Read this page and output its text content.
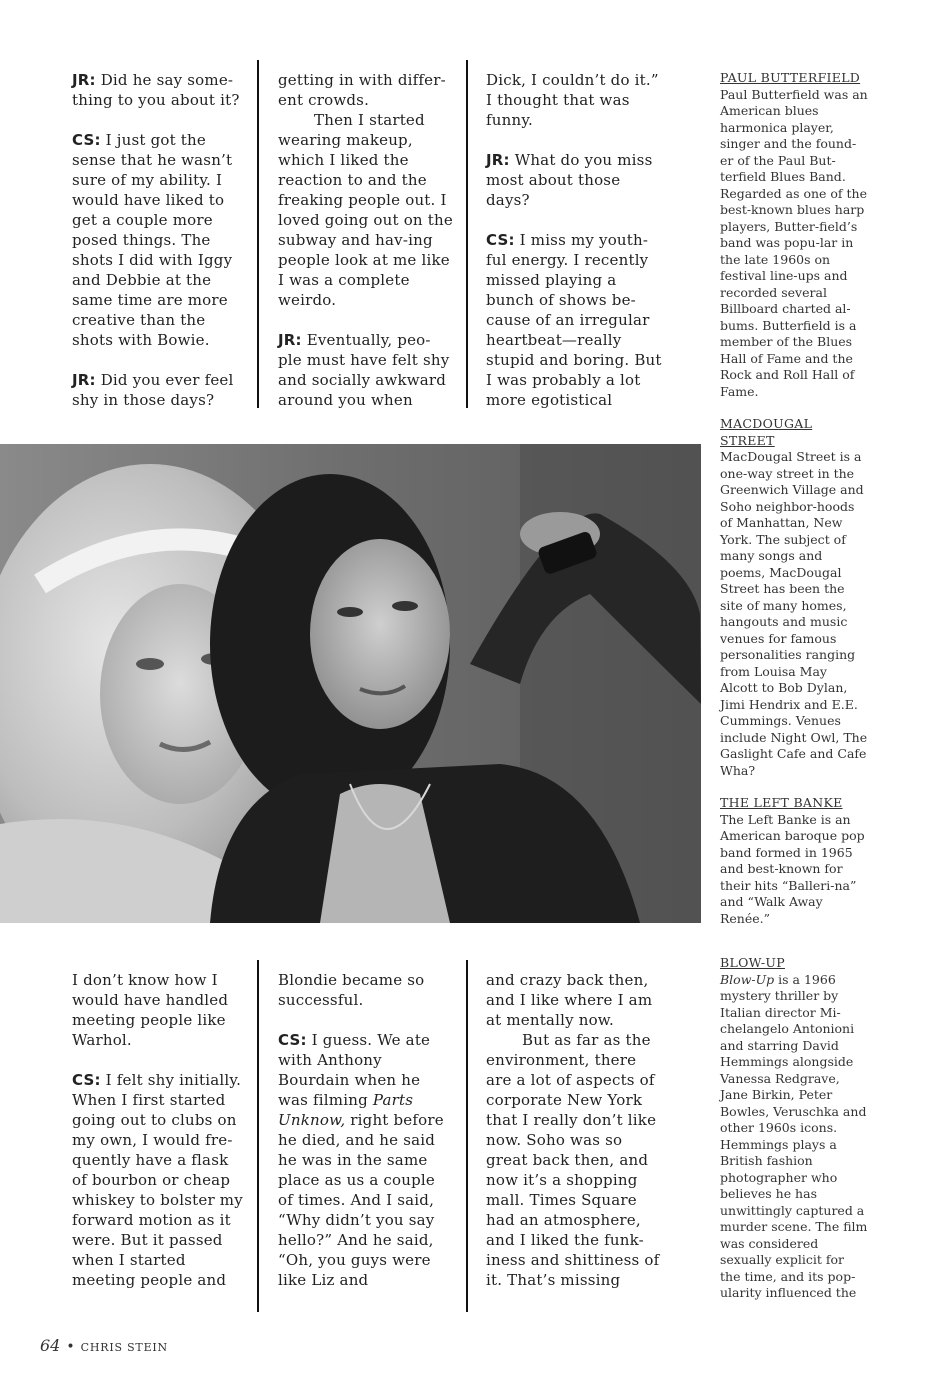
JR: Did he say some-thing to you about it?

CS: I just got the sense that he wasn’t sure of my ability. I would have liked to get a couple more posed things. The shots I did with Iggy and Debbie at the same time are more creative than the shots with Bowie.

JR: Did you ever feel shy in those days?

getting in with differ-ent crowds.

Then I started wearing makeup, which I liked the reaction to and the freaking people out. I loved going out on the subway and hav-ing people look at me like I was a complete weirdo.

JR: Eventually, peo-ple must have felt shy and socially awkward around you when

Dick, I couldn’t do it.” I thought that was funny.

JR: What do you miss most about those days?

CS: I miss my youth-ful energy. I recently missed playing a bunch of shows be-cause of an irregular heartbeat—really stupid and boring. But I was probably a lot more egotistical

I don’t know how I would have handled meeting people like Warhol.

CS: I felt shy initially. When I first started going out to clubs on my own, I would fre-quently have a flask of bourbon or cheap whiskey to bolster my forward motion as it were. But it passed when I started meeting people and

Blondie became so successful.

CS: I guess. We ate with Anthony Bourdain when he was filming Parts Unknow, right before he died, and he said he was in the same place as us a couple of times. And I said, “Why didn’t you say hello?” And he said, “Oh, you guys were like Liz and

and crazy back then, and I like where I am at mentally now.

But as far as the environment, there are a lot of aspects of corporate New York that I really don’t like now. Soho was so great back then, and now it’s a shopping mall. Times Square had an atmosphere, and I liked the funk-iness and shittiness of it. That’s missing

PAUL BUTTERFIELD
Paul Butterfield was an American blues harmonica player, singer and the found-er of the Paul But-terfield Blues Band. Regarded as one of the best-known blues harp players, Butter-field’s band was popu-lar in the late 1960s on festival line-ups and recorded several Billboard charted al-bums. Butterfield is a member of the Blues Hall of Fame and the Rock and Roll Hall of Fame.
MACDOUGAL STREET
MacDougal Street is a one-way street in the Greenwich Village and Soho neighbor-hoods of Manhattan, New York. The subject of many songs and poems, MacDougal Street has been the site of many homes, hangouts and music venues for famous personalities ranging from Louisa May Alcott to Bob Dylan, Jimi Hendrix and E.E. Cummings. Venues include Night Owl, The Gaslight Cafe and Cafe Wha?
THE LEFT BANKE
The Left Banke is an American baroque pop band formed in 1965 and best-known for their hits “Balleri-na” and “Walk Away Renée.”
BLOW-UP
Blow-Up is a 1966 mystery thriller by Italian director Mi-chelangelo Antonioni and starring David Hemmings alongside Vanessa Redgrave, Jane Birkin, Peter Bowles, Veruschka and other 1960s icons. Hemmings plays a British fashion photographer who believes he has unwittingly captured a murder scene. The film was considered sexually explicit for the time, and its pop-ularity influenced the
64 • CHRIS STEIN
